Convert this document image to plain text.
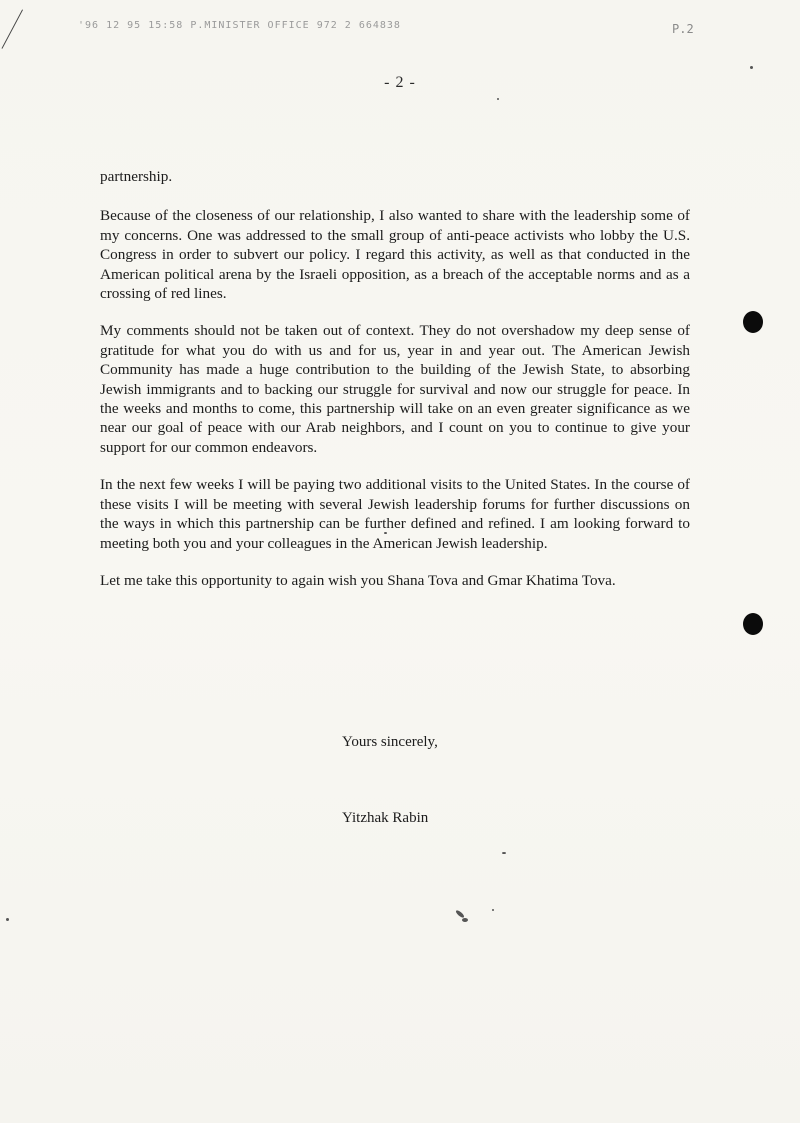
'96 12 95 15:58 P.MINISTER OFFICE 972 2 664838	P.2
- 2 -

partnership.

Because of the closeness of our relationship, I also wanted to share with the leadership some of my concerns. One was addressed to the small group of anti-peace activists who lobby the U.S. Congress in order to subvert our policy. I regard this activity, as well as that conducted in the American political arena by the Israeli opposition, as a breach of the acceptable norms and as a crossing of red lines.

My comments should not be taken out of context. They do not overshadow my deep sense of gratitude for what you do with us and for us, year in and year out. The American Jewish Community has made a huge contribution to the building of the Jewish State, to absorbing Jewish immigrants and to backing our struggle for survival and now our struggle for peace. In the weeks and months to come, this partnership will take on an even greater significance as we near our goal of peace with our Arab neighbors, and I count on you to continue to give your support for our common endeavors.

In the next few weeks I will be paying two additional visits to the United States. In the course of these visits I will be meeting with several Jewish leadership forums for further discussions on the ways in which this partnership can be further defined and refined. I am looking forward to meeting both you and your colleagues in the American Jewish leadership.

Let me take this opportunity to again wish you Shana Tova and Gmar Khatima Tova.

Yours sincerely,
Yitzhak Rabin
